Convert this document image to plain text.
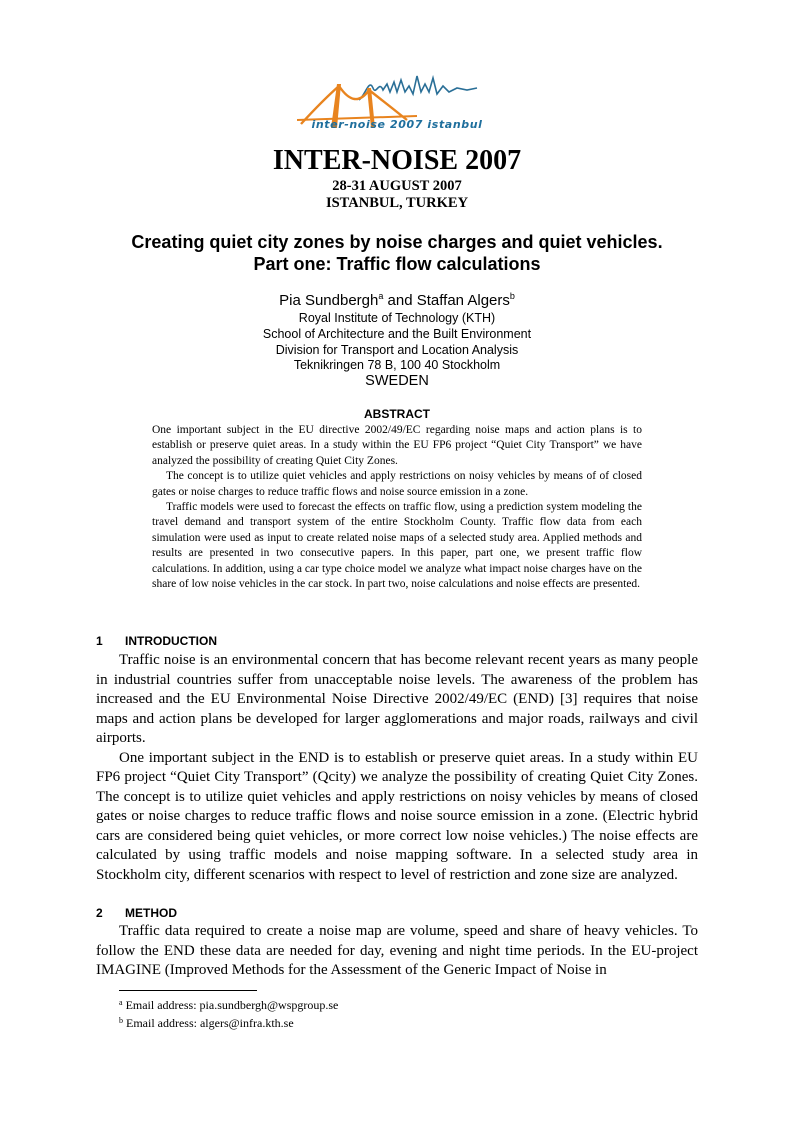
inter-noise 2007 istanbul
INTER-NOISE 2007
28-31 AUGUST 2007
ISTANBUL, TURKEY
Creating quiet city zones by noise charges and quiet vehicles.
Part one: Traffic flow calculations
Pia Sundbergh$^a$ and Staffan Algers$^b$
Royal Institute of Technology (KTH)
School of Architecture and the Built Environment
Division for Transport and Location Analysis
Teknikringen 78 B, 100 40 Stockholm
SWEDEN
ABSTRACT

One important subject in the EU directive 2002/49/EC regarding noise maps and action plans is to establish or preserve quiet areas. In a study within the EU FP6 project “Quiet City Transport” we have analyzed the possibility of creating Quiet City Zones.

The concept is to utilize quiet vehicles and apply restrictions on noisy vehicles by means of of closed gates or noise charges to reduce traffic flows and noise source emission in a zone.

Traffic models were used to forecast the effects on traffic flow, using a prediction system modeling the travel demand and transport system of the entire Stockholm County. Traffic flow data from each simulation were used as input to create related noise maps of a selected study area. Applied methods and results are presented in two consecutive papers. In this paper, part one, we present traffic flow calculations. In addition, using a car type choice model we analyze what impact noise charges have on the share of low noise vehicles in the car stock. In part two, noise calculations and noise effects are presented.

1 INTRODUCTION

Traffic noise is an environmental concern that has become relevant recent years as many people in industrial countries suffer from unacceptable noise levels. The awareness of the problem has increased and the EU Environmental Noise Directive 2002/49/EC (END) [3] requires that noise maps and action plans be developed for larger agglomerations and major roads, railways and civil airports.

One important subject in the END is to establish or preserve quiet areas. In a study within EU FP6 project “Quiet City Transport” (Qcity) we analyze the possibility of creating Quiet City Zones. The concept is to utilize quiet vehicles and apply restrictions on noisy vehicles by means of closed gates or noise charges to reduce traffic flows and noise source emission in a zone. (Electric hybrid cars are considered being quiet vehicles, or more correct low noise vehicles.) The noise effects are calculated by using traffic models and noise mapping software. In a selected study area in Stockholm city, different scenarios with respect to level of restriction and zone size are analyzed.

2 METHOD

Traffic data required to create a noise map are volume, speed and share of heavy vehicles. To follow the END these data are needed for day, evening and night time periods. In the EU-project IMAGINE (Improved Methods for the Assessment of the Generic Impact of Noise in

$^a$ Email address: pia.sundbergh@wspgroup.se
$^b$ Email address: algers@infra.kth.se
